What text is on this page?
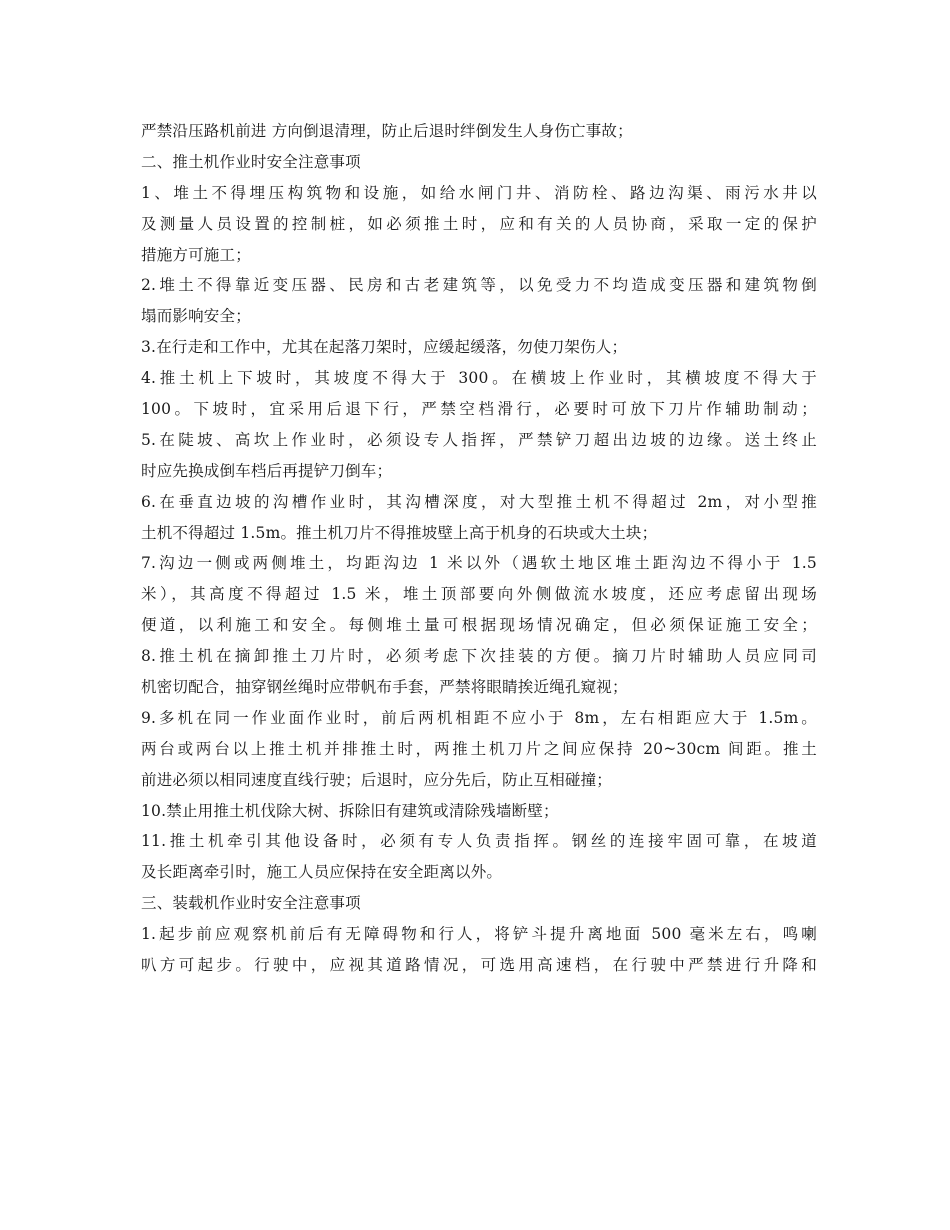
严禁沿压路机前进 方向倒退清理，防止后退时绊倒发生人身伤亡事故；
二、推土机作业时安全注意事项
1、堆土不得埋压构筑物和设施，如给水闸门井、消防栓、路边沟渠、雨污水井以
及测量人员设置的控制桩，如必须推土时，应和有关的人员协商，采取一定的保护
措施方可施工；
2.堆土不得靠近变压器、民房和古老建筑等，以免受力不均造成变压器和建筑物倒
塌而影响安全；
3.在行走和工作中，尤其在起落刀架时，应缓起缓落，勿使刀架伤人；
4.推土机上下坡时，其坡度不得大于 300。在横坡上作业时，其横坡度不得大于
100。下坡时，宜采用后退下行，严禁空档滑行，必要时可放下刀片作辅助制动；
5.在陡坡、高坎上作业时，必须设专人指挥，严禁铲刀超出边坡的边缘。送土终止
时应先换成倒车档后再提铲刀倒车；
6.在垂直边坡的沟槽作业时，其沟槽深度，对大型推土机不得超过 2m，对小型推
土机不得超过 1.5m。推土机刀片不得推坡壁上高于机身的石块或大土块；
7.沟边一侧或两侧堆土，均距沟边 1 米以外（遇软土地区堆土距沟边不得小于 1.5
米），其高度不得超过 1.5 米，堆土顶部要向外侧做流水坡度，还应考虑留出现场
便道，以利施工和安全。每侧堆土量可根据现场情况确定，但必须保证施工安全；
8.推土机在摘卸推土刀片时，必须考虑下次挂装的方便。摘刀片时辅助人员应同司
机密切配合，抽穿钢丝绳时应带帆布手套，严禁将眼睛挨近绳孔窥视；
9.多机在同一作业面作业时，前后两机相距不应小于 8m，左右相距应大于 1.5m。
两台或两台以上推土机并排推土时，两推土机刀片之间应保持 20~30cm 间距。推土
前进必须以相同速度直线行驶；后退时，应分先后，防止互相碰撞；
10.禁止用推土机伐除大树、拆除旧有建筑或清除残墙断壁；
11.推土机牵引其他设备时，必须有专人负责指挥。钢丝的连接牢固可靠，在坡道
及长距离牵引时，施工人员应保持在安全距离以外。
三、装载机作业时安全注意事项
1.起步前应观察机前后有无障碍物和行人，将铲斗提升离地面 500 毫米左右，鸣喇
叭方可起步。行驶中，应视其道路情况，可选用高速档，在行驶中严禁进行升降和
